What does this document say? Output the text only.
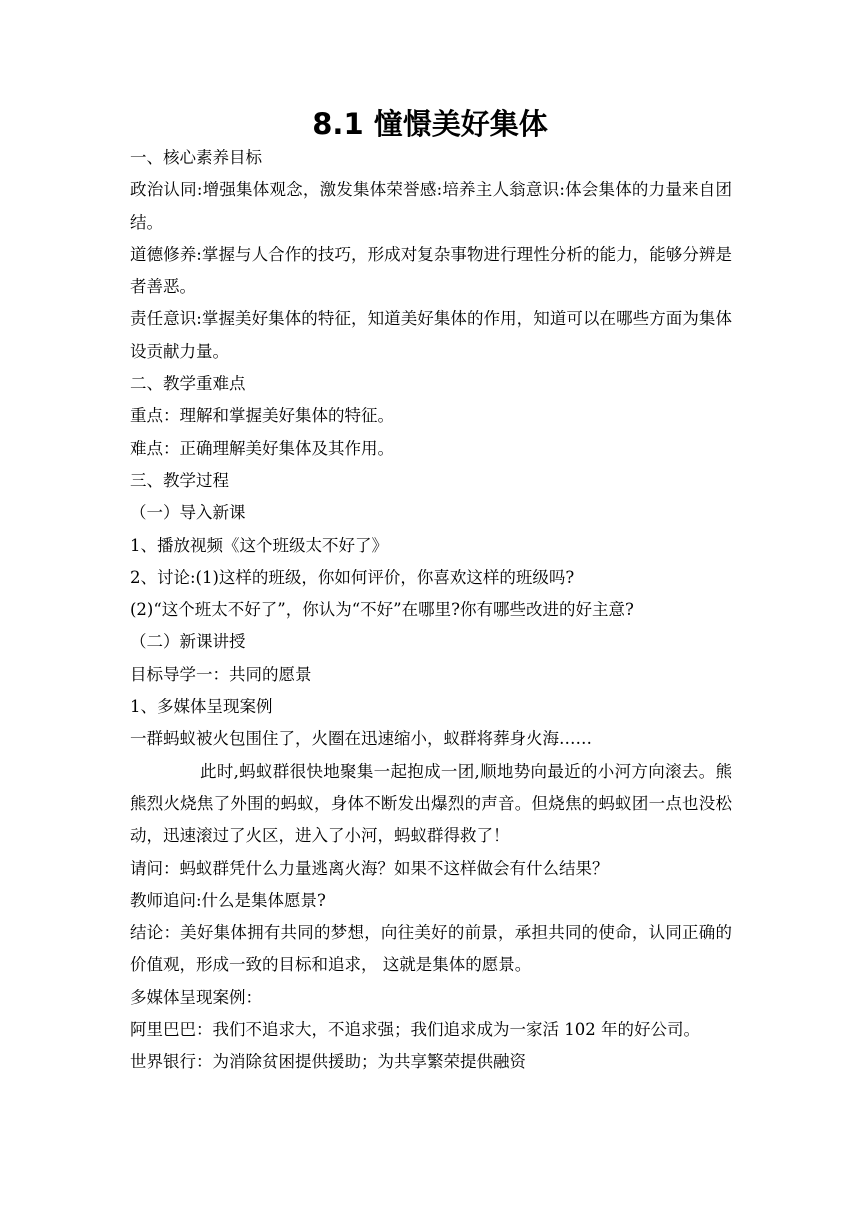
8.1 憧憬美好集体

一、核心素养目标

政治认同:增强集体观念，激发集体荣誉感:培养主人翁意识:体会集体的力量来自团结。

道德修养:掌握与人合作的技巧，形成对复杂事物进行理性分析的能力，能够分辨是者善恶。

责任意识:掌握美好集体的特征，知道美好集体的作用，知道可以在哪些方面为集体设贡献力量。

二、教学重难点

重点：理解和掌握美好集体的特征。

难点：正确理解美好集体及其作用。

三、教学过程

（一）导入新课

1、播放视频《这个班级太不好了》

2、讨论:(1)这样的班级，你如何评价，你喜欢这样的班级吗?

(2)“这个班太不好了”，你认为“不好”在哪里?你有哪些改进的好主意?

（二）新课讲授

目标导学一：共同的愿景

1、多媒体呈现案例

一群蚂蚁被火包围住了，火圈在迅速缩小，蚁群将葬身火海……

此时,蚂蚁群很快地聚集一起抱成一团,顺地势向最近的小河方向滚去。熊熊烈火烧焦了外围的蚂蚁，身体不断发出爆烈的声音。但烧焦的蚂蚁团一点也没松动，迅速滚过了火区，进入了小河，蚂蚁群得救了！

请问：蚂蚁群凭什么力量逃离火海？如果不这样做会有什么结果？

教师追问:什么是集体愿景?

结论：美好集体拥有共同的梦想，向往美好的前景，承担共同的使命，认同正确的价值观，形成一致的目标和追求， 这就是集体的愿景。

多媒体呈现案例：

阿里巴巴：我们不追求大，不追求强；我们追求成为一家活 102 年的好公司。

世界银行：为消除贫困提供援助；为共享繁荣提供融资
